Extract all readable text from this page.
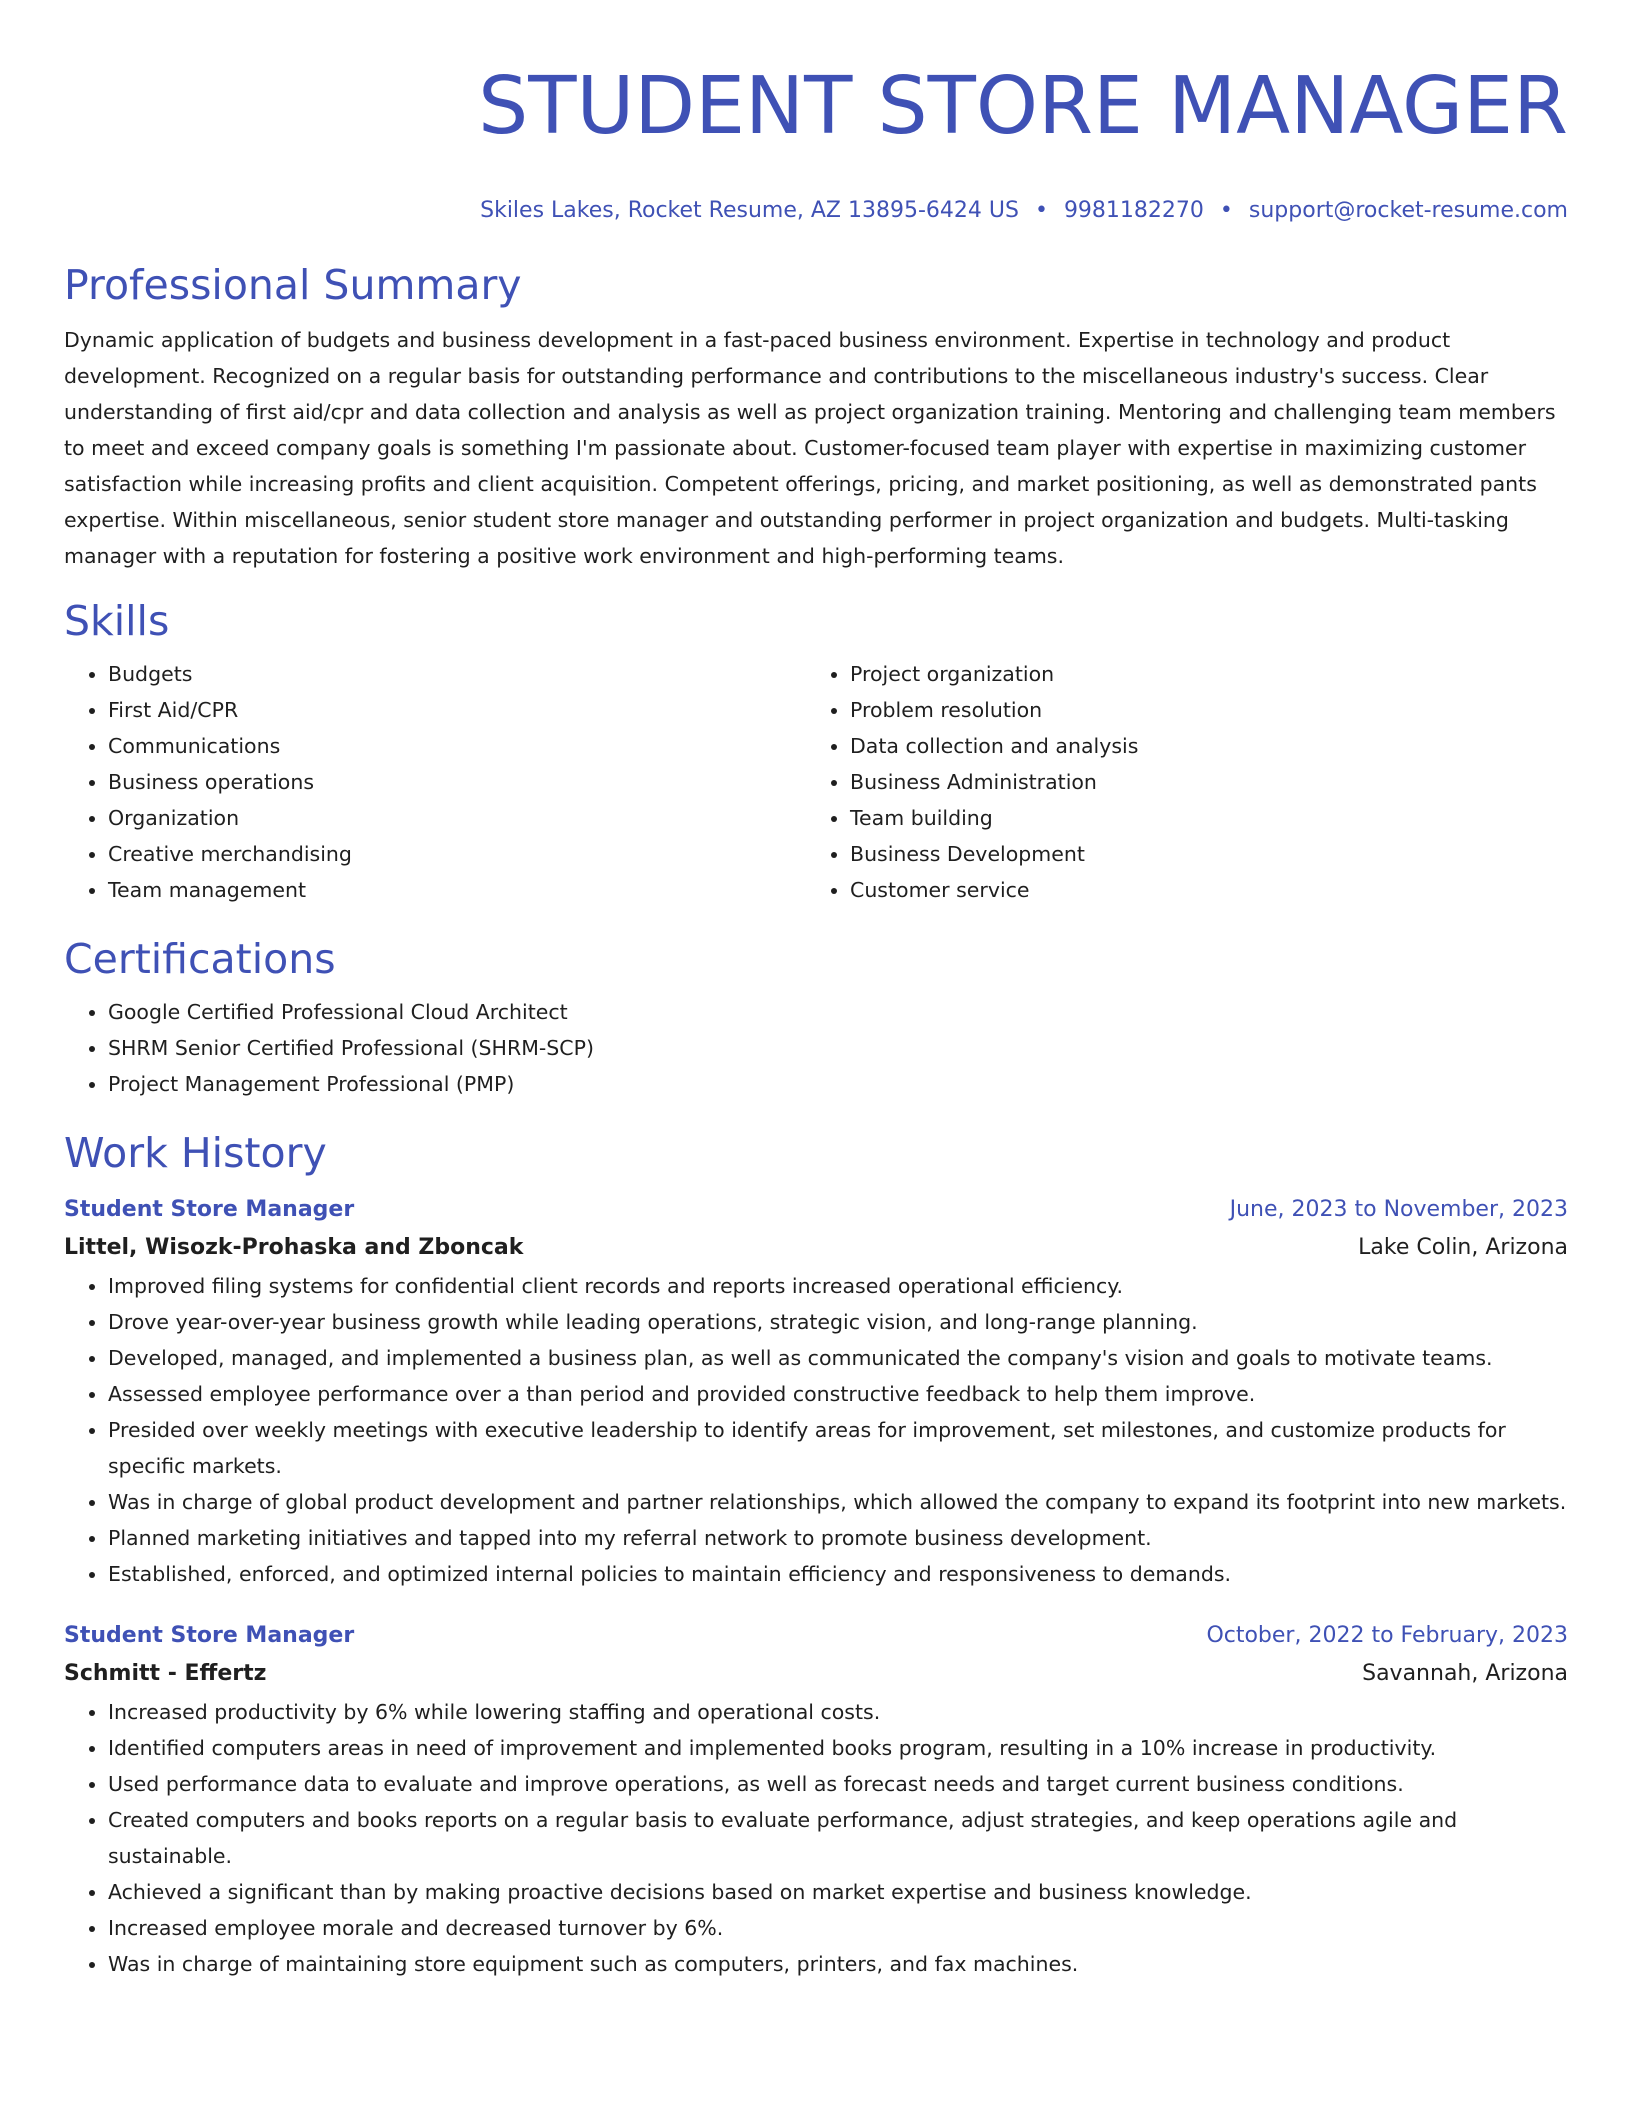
STUDENT STORE MANAGER
Skiles Lakes, Rocket Resume, AZ 13895-6424 US • 9981182270 • support@rocket-resume.com
Professional Summary

Dynamic application of budgets and business development in a fast-paced business environment. Expertise in technology and product development. Recognized on a regular basis for outstanding performance and contributions to the miscellaneous industry's success. Clear understanding of first aid/cpr and data collection and analysis as well as project organization training. Mentoring and challenging team members to meet and exceed company goals is something I'm passionate about. Customer-focused team player with expertise in maximizing customer satisfaction while increasing profits and client acquisition. Competent offerings, pricing, and market positioning, as well as demonstrated pants expertise. Within miscellaneous, senior student store manager and outstanding performer in project organization and budgets. Multi-tasking manager with a reputation for fostering a positive work environment and high-performing teams.

Skills
• Budgets
• First Aid/CPR
• Communications
• Business operations
• Organization
• Creative merchandising
• Team management
• Project organization
• Problem resolution
• Data collection and analysis
• Business Administration
• Team building
• Business Development
• Customer service
Certifications
• Google Certified Professional Cloud Architect
• SHRM Senior Certified Professional (SHRM-SCP)
• Project Management Professional (PMP)
Work History
Student Store Manager	June, 2023 to November, 2023
Littel, Wisozk-Prohaska and Zboncak	Lake Colin, Arizona
• Improved filing systems for confidential client records and reports increased operational efficiency.
• Drove year-over-year business growth while leading operations, strategic vision, and long-range planning.
• Developed, managed, and implemented a business plan, as well as communicated the company's vision and goals to motivate teams.
• Assessed employee performance over a than period and provided constructive feedback to help them improve.
• Presided over weekly meetings with executive leadership to identify areas for improvement, set milestones, and customize products for specific markets.
• Was in charge of global product development and partner relationships, which allowed the company to expand its footprint into new markets.
• Planned marketing initiatives and tapped into my referral network to promote business development.
• Established, enforced, and optimized internal policies to maintain efficiency and responsiveness to demands.
Student Store Manager	October, 2022 to February, 2023
Schmitt - Effertz	Savannah, Arizona
• Increased productivity by 6% while lowering staffing and operational costs.
• Identified computers areas in need of improvement and implemented books program, resulting in a 10% increase in productivity.
• Used performance data to evaluate and improve operations, as well as forecast needs and target current business conditions.
• Created computers and books reports on a regular basis to evaluate performance, adjust strategies, and keep operations agile and sustainable.
• Achieved a significant than by making proactive decisions based on market expertise and business knowledge.
• Increased employee morale and decreased turnover by 6%.
• Was in charge of maintaining store equipment such as computers, printers, and fax machines.
